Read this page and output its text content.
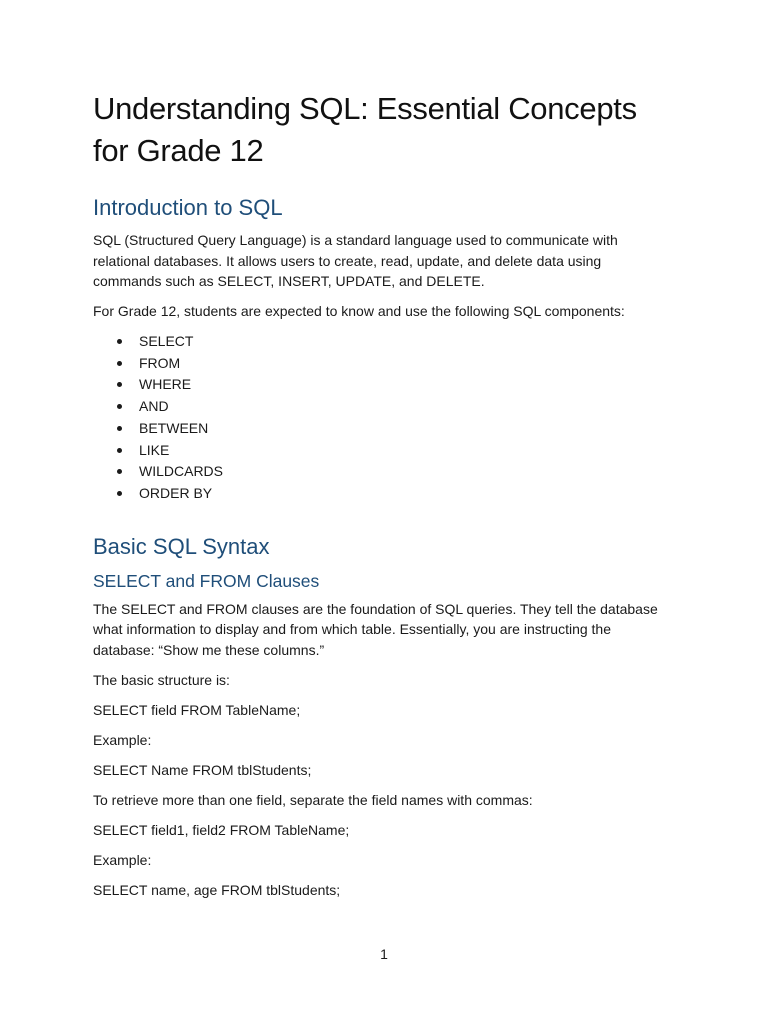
Understanding SQL: Essential Concepts for Grade 12
Introduction to SQL

SQL (Structured Query Language) is a standard language used to communicate with relational databases. It allows users to create, read, update, and delete data using commands such as SELECT, INSERT, UPDATE, and DELETE.

For Grade 12, students are expected to know and use the following SQL components:

SELECT
FROM
WHERE
AND
BETWEEN
LIKE
WILDCARDS
ORDER BY
Basic SQL Syntax
SELECT and FROM Clauses

The SELECT and FROM clauses are the foundation of SQL queries. They tell the database what information to display and from which table. Essentially, you are instructing the database: “Show me these columns.”

The basic structure is:

SELECT field FROM TableName;

Example:

SELECT Name FROM tblStudents;

To retrieve more than one field, separate the field names with commas:

SELECT field1, field2 FROM TableName;

Example:

SELECT name, age FROM tblStudents;

1
